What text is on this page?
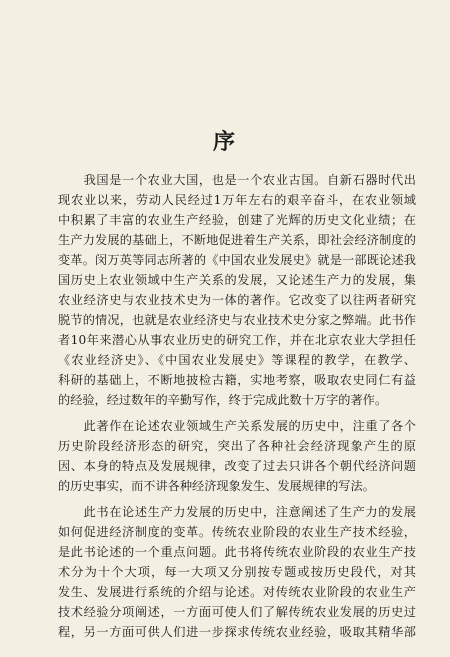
序

　　我国是一个农业大国，也是一个农业古国。自新石器时代出
现农业以来，劳动人民经过1万年左右的艰辛奋斗，在农业领域
中积累了丰富的农业生产经验，创建了光辉的历史文化业绩；在
生产力发展的基础上，不断地促进着生产关系，即社会经济制度的
变革。闵万英等同志所著的《中国农业发展史》就是一部既论述我
国历史上农业领域中生产关系的发展，又论述生产力的发展，集
农业经济史与农业技术史为一体的著作。它改变了以往两者研究
脱节的情况，也就是农业经济史与农业技术史分家之弊端。此书作
者10年来潜心从事农业历史的研究工作，并在北京农业大学担任
《农业经济史》、《中国农业发展史》等课程的教学，在教学、
科研的基础上，不断地披检古籍，实地考察，吸取农史同仁有益
的经验，经过数年的辛勤写作，终于完成此数十万字的著作。

　　此著作在论述农业领域生产关系发展的历史中，注重了各个
历史阶段经济形态的研究，突出了各种社会经济现象产生的原
因、本身的特点及发展规律，改变了过去只讲各个朝代经济问题
的历史事实，而不讲各种经济现象发生、发展规律的写法。

　　此书在论述生产力发展的历史中，注意阐述了生产力的发展
如何促进经济制度的变革。传统农业阶段的农业生产技术经验，
是此书论述的一个重点问题。此书将传统农业阶段的农业生产技
术分为十个大项，每一大项又分别按专题或按历史段代，对其
发生、发展进行系统的介绍与论述。对传统农业阶段的农业生产
技术经验分项阐述，一方面可使人们了解传统农业发展的历史过
程，另一方面可供人们进一步探求传统农业经验，吸取其精华部
